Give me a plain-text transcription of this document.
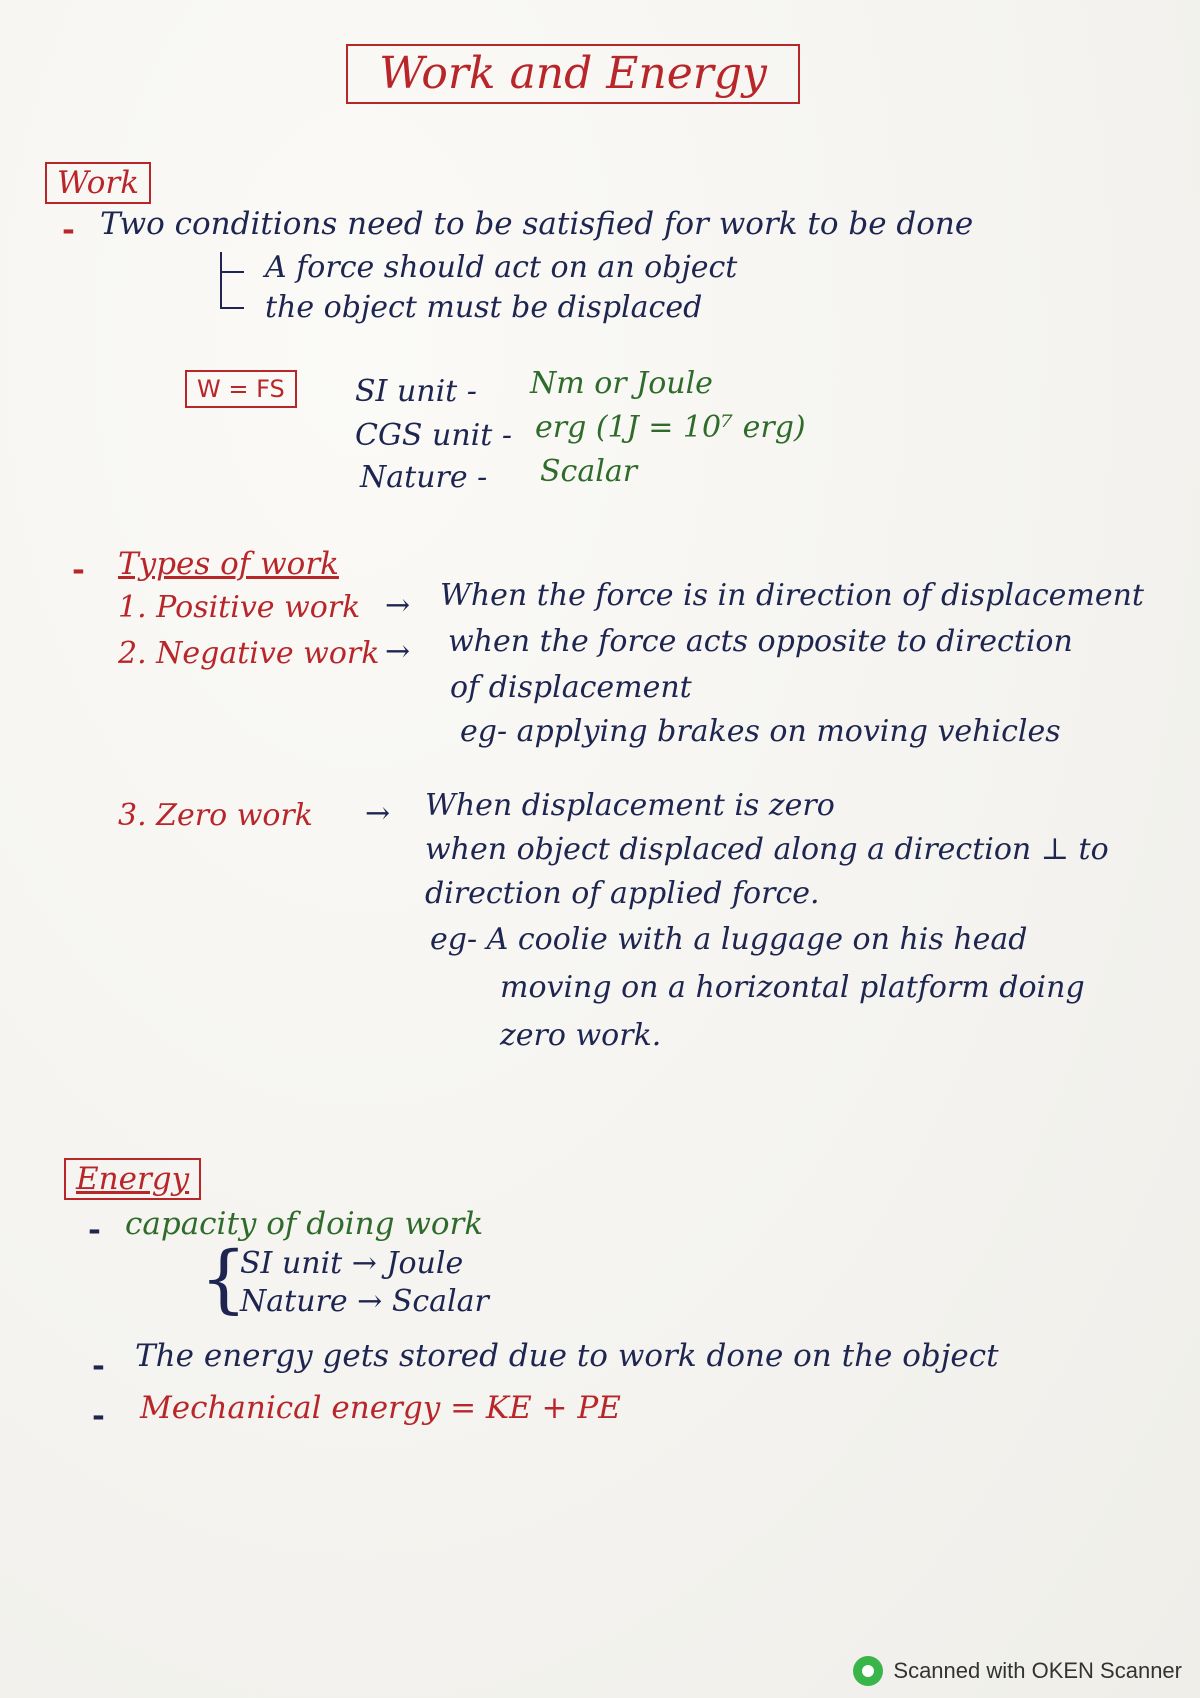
Work and Energy
Work
- Two conditions need to be satisfied for work to be done
A force should act on an object
the object must be displaced
W = FS	SI unit - Nm or Joule
CGS unit - erg (1J = 10⁷ erg)
Nature - Scalar
- Types of work
1. Positive work → When the force is in direction of displacement
2. Negative work → when the force acts opposite to direction
of displacement
eg- applying brakes on moving vehicles
3. Zero work → When displacement is zero
when object displaced along a direction ⊥ to
direction of applied force.
eg- A coolie with a luggage on his head
moving on a horizontal platform doing
zero work.
Energy
- capacity of doing work
{
SI unit → Joule
Nature → Scalar
- The energy gets stored due to work done on the object
- Mechanical energy = KE + PE
Scanned with OKEN Scanner
